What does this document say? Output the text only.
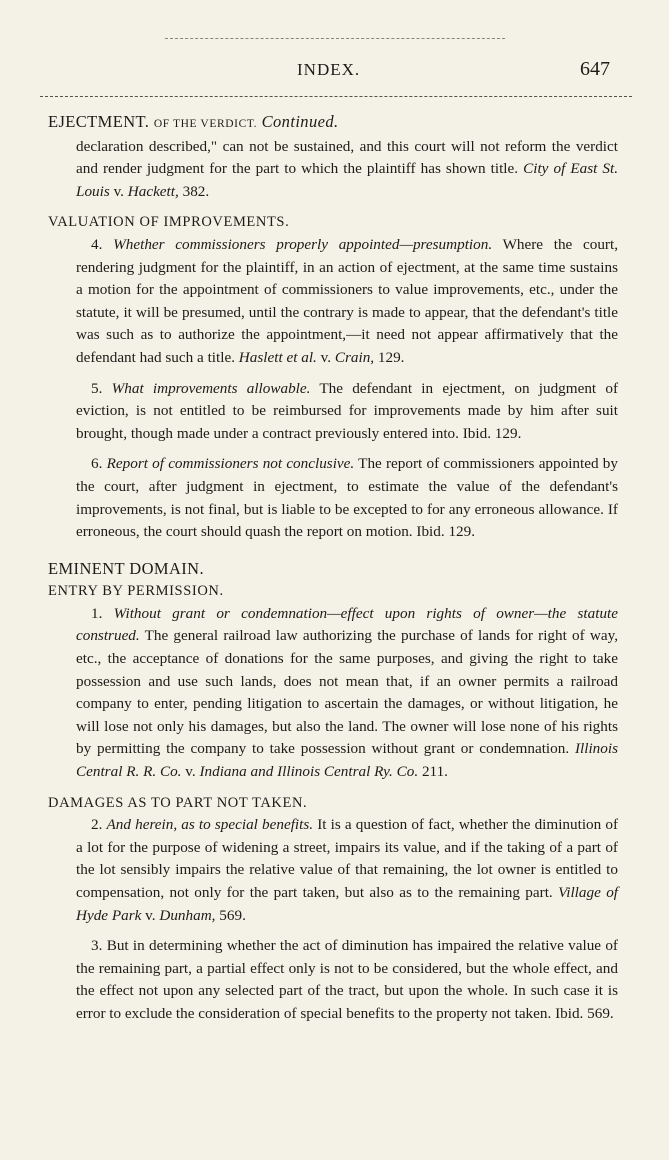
INDEX.	647

EJECTMENT. OF THE VERDICT. Continued.

declaration described," can not be sustained, and this court will not reform the verdict and render judgment for the part to which the plaintiff has shown title. City of East St. Louis v. Hackett, 382.

VALUATION OF IMPROVEMENTS.

4. Whether commissioners properly appointed—presumption. Where the court, rendering judgment for the plaintiff, in an action of ejectment, at the same time sustains a motion for the appointment of commissioners to value improvements, etc., under the statute, it will be presumed, until the contrary is made to appear, that the defendant's title was such as to authorize the appointment,—it need not appear affirmatively that the defendant had such a title. Haslett et al. v. Crain, 129.

5. What improvements allowable. The defendant in ejectment, on judgment of eviction, is not entitled to be reimbursed for improvements made by him after suit brought, though made under a contract previously entered into. Ibid. 129.

6. Report of commissioners not conclusive. The report of commissioners appointed by the court, after judgment in ejectment, to estimate the value of the defendant's improvements, is not final, but is liable to be excepted to for any erroneous allowance. If erroneous, the court should quash the report on motion. Ibid. 129.

EMINENT DOMAIN.

ENTRY BY PERMISSION.

1. Without grant or condemnation—effect upon rights of owner—the statute construed. The general railroad law authorizing the purchase of lands for right of way, etc., the acceptance of donations for the same purposes, and giving the right to take possession and use such lands, does not mean that, if an owner permits a railroad company to enter, pending litigation to ascertain the damages, or without litigation, he will lose not only his damages, but also the land. The owner will lose none of his rights by permitting the company to take possession without grant or condemnation. Illinois Central R. R. Co. v. Indiana and Illinois Central Ry. Co. 211.

DAMAGES AS TO PART NOT TAKEN.

2. And herein, as to special benefits. It is a question of fact, whether the diminution of a lot for the purpose of widening a street, impairs its value, and if the taking of a part of the lot sensibly impairs the relative value of that remaining, the lot owner is entitled to compensation, not only for the part taken, but also as to the remaining part. Village of Hyde Park v. Dunham, 569.

3. But in determining whether the act of diminution has impaired the relative value of the remaining part, a partial effect only is not to be considered, but the whole effect, and the effect not upon any selected part of the tract, but upon the whole. In such case it is error to exclude the consideration of special benefits to the property not taken. Ibid. 569.
